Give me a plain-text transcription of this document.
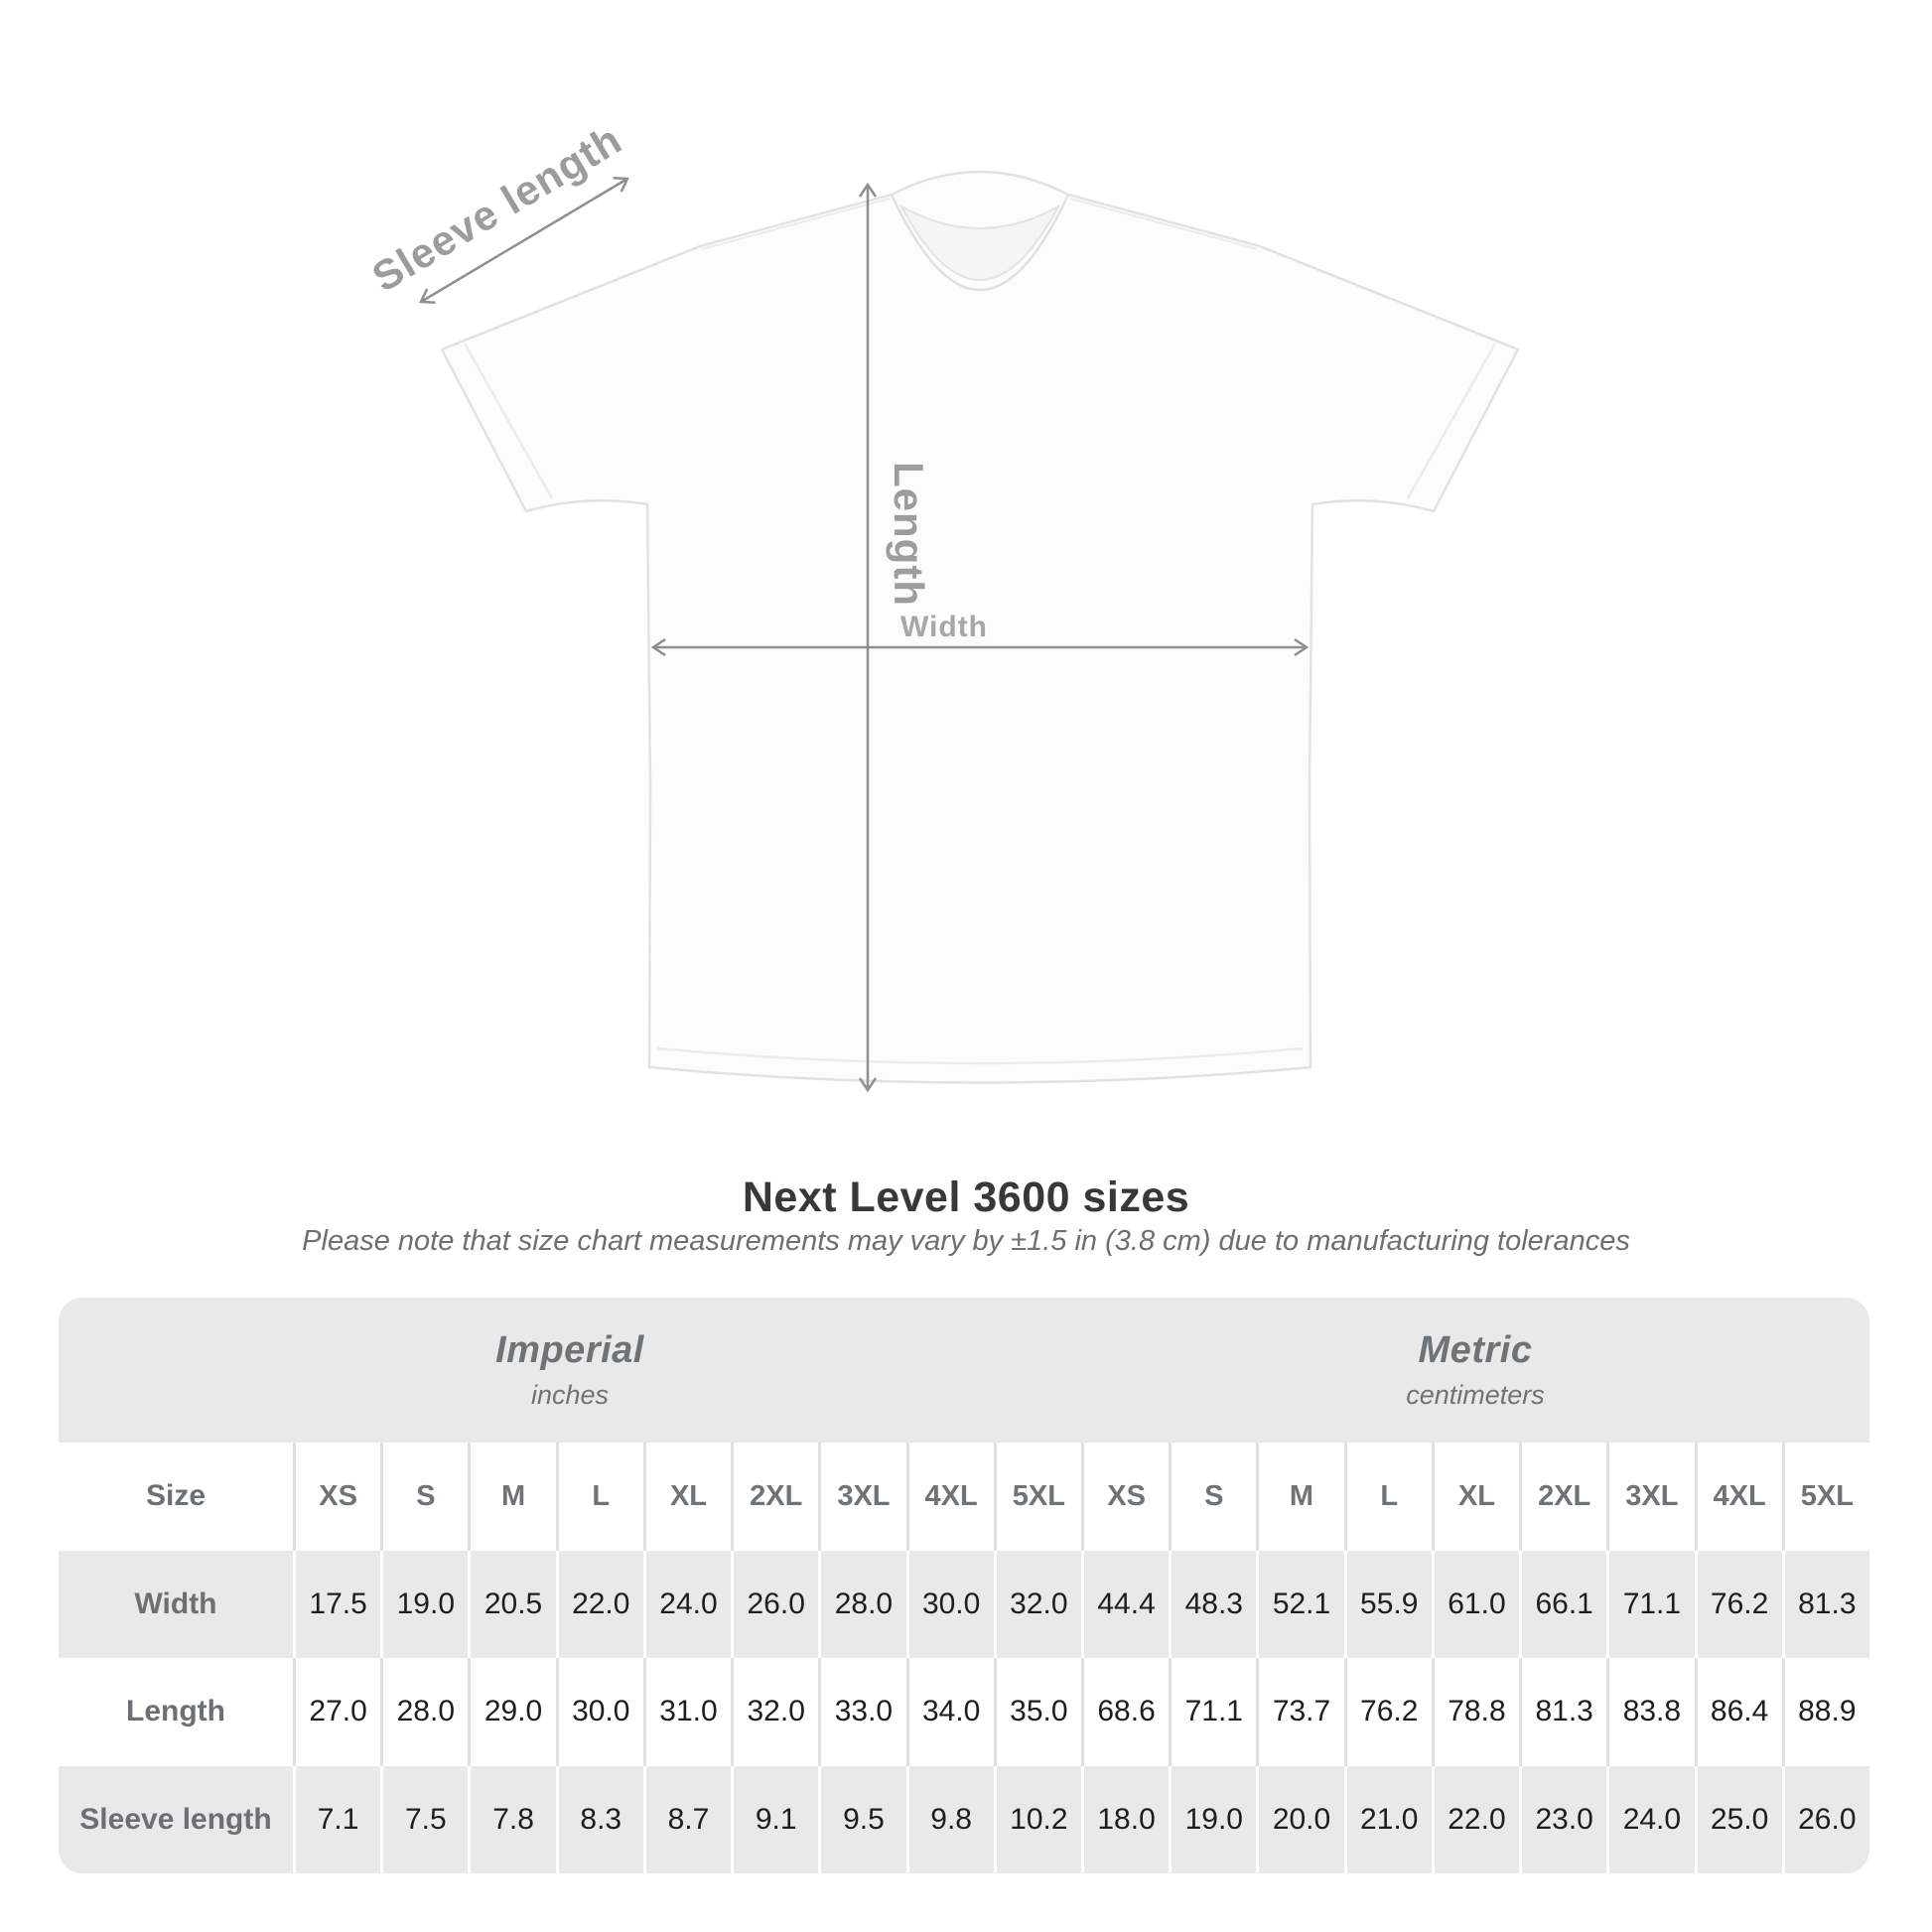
Sleeve length
Length
Width
Next Level 3600 sizes

Please note that size chart measurements may vary by ±1.5 in (3.8 cm) due to manufacturing tolerances

Imperial
inches
Metric
centimeters
Size	XS	S	M	L	XL	2XL	3XL	4XL	5XL	XS	S	M	L	XL	2XL	3XL	4XL	5XL
Width	17.5 19.0 20.5 22.0 24.0 26.0 28.0 30.0 32.0 44.4 48.3 52.1 55.9 61.0 66.1 71.1 76.2 81.3
Length	27.0 28.0 29.0 30.0 31.0 32.0 33.0 34.0 35.0 68.6 71.1 73.7 76.2 78.8 81.3 83.8 86.4 88.9
Sleeve length	7.1	7.5	7.8	8.3	8.7	9.1	9.5	9.8	10.2 18.0 19.0 20.0 21.0 22.0 23.0 24.0 25.0 26.0
